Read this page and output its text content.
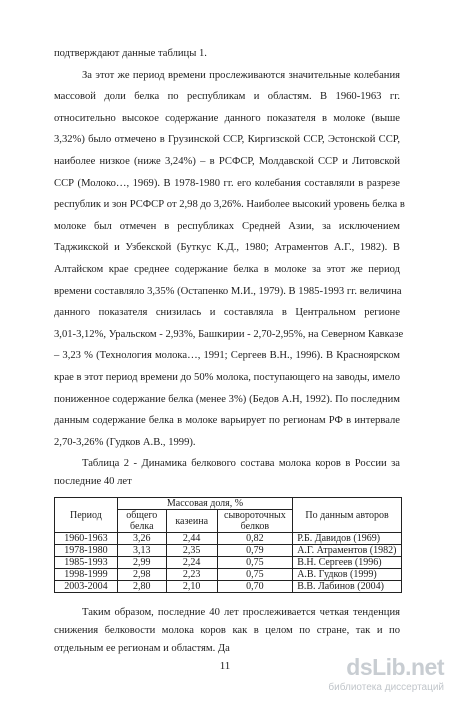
подтверждают данные таблицы 1.
За этот же период времени прослеживаются значительные колебания
массовой доли белка по республикам и областям. В 1960-1963 гг.
относительно высокое содержание данного показателя в молоке (выше
3,32%) было отмечено в Грузинской ССР, Киргизской ССР, Эстонской ССР,
наиболее низкое (ниже 3,24%) – в РСФСР, Молдавской ССР и Литовской
ССР (Молоко…, 1969). В 1978-1980 гг. его колебания составляли в разрезе
республик и зон РСФСР от 2,98 до 3,26%. Наиболее высокий уровень белка в
молоке был отмечен в республиках Средней Азии, за исключением
Таджикской и Узбекской (Буткус К.Д., 1980; Атраментов А.Г., 1982). В
Алтайском крае среднее содержание белка в молоке за этот же период
времени составляло 3,35% (Остапенко М.И., 1979). В 1985-1993 гг. величина
данного показателя снизилась и составляла в Центральном регионе
3,01-3,12%, Уральском - 2,93%, Башкирии - 2,70-2,95%, на Северном Кавказе
– 3,23 % (Технология молока…, 1991; Сергеев В.Н., 1996). В Красноярском
крае в этот период времени до 50% молока, поступающего на заводы, имело
пониженное содержание белка (менее 3%) (Бедов А.Н, 1992). По последним
данным содержание белка в молоке варьирует по регионам РФ в интервале
2,70-3,26% (Гудков А.В., 1999).
Таблица 2 - Динамика белкового состава молока коров в России за
последние 40 лет
Период	Массовая доля, %			По данным авторов
	общего белка	казеина	сывороточных белков	
1960-1963	3,26	2,44	0,82	Р.Б. Давидов (1969)
1978-1980	3,13	2,35	0,79	А.Г. Атраментов (1982)
1985-1993	2,99	2,24	0,75	В.Н. Сергеев (1996)
1998-1999	2,98	2,23	0,75	А.В. Гудков (1999)
2003-2004	2,80	2,10	0,70	В.В. Лабинов (2004)
Таким образом, последние 40 лет прослеживается четкая тенденция
снижения белковости молока коров как в целом по стране, так и по
отдельным ее регионам и областям. Да
11	dsLib.net
библиотека диссертаций
